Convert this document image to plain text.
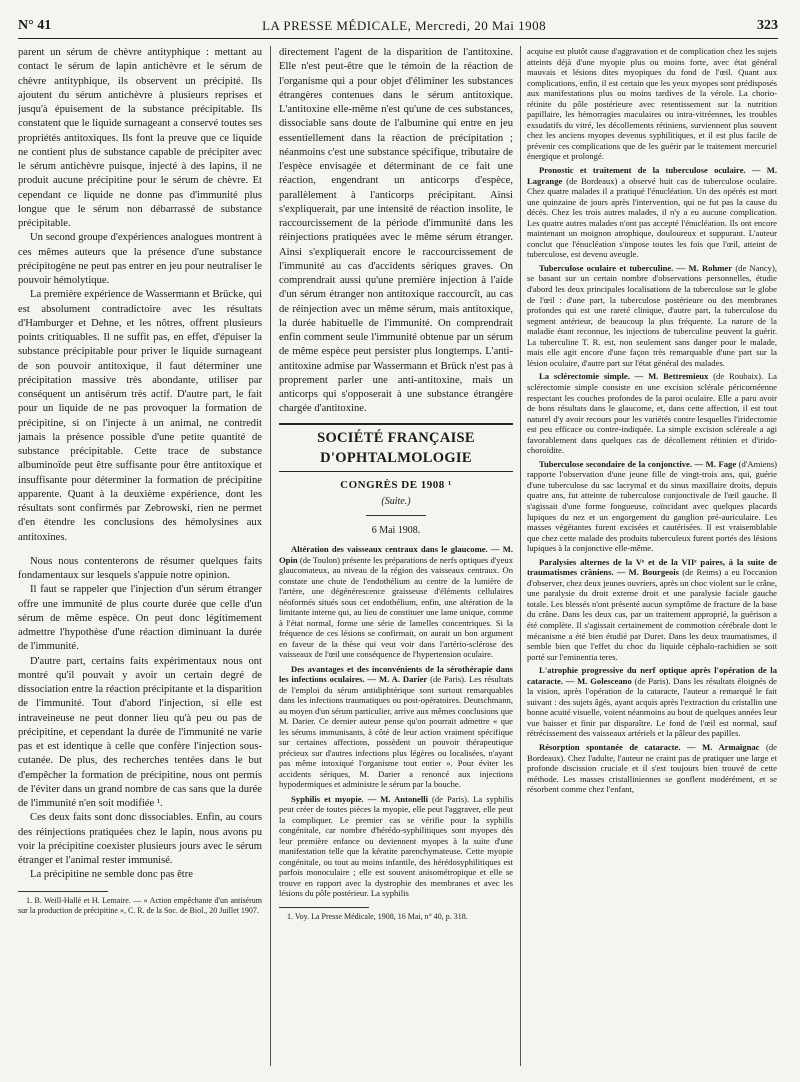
N° 41	LA PRESSE MÉDICALE, Mercredi, 20 Mai 1908	323

parent un sérum de chèvre antityphique : mettant au contact le sérum de lapin antichèvre et le sérum de chèvre antityphique, ils observent un précipité. Ils ajoutent du sérum antichèvre à plusieurs reprises et jusqu'à épuisement de la substance précipitable. Ils constatent que le liquide surnageant a conservé toutes ses propriétés antitoxiques. Ils font la preuve que ce liquide ne contient plus de substance capable de précipiter avec le sérum antichèvre puisque, injecté à des lapins, il ne produit aucune précipitine pour le sérum de chèvre. Et cependant ce liquide ne donne pas d'immunité plus longue que le sérum non débarrassé de substance précipitable.

Un second groupe d'expériences analogues montrent à ces mêmes auteurs que la présence d'une substance précipitogène ne peut pas entrer en jeu pour neutraliser le pouvoir hémolytique.

La première expérience de Wassermann et Brücke, qui est absolument contradictoire avec les résultats d'Hamburger et Dehne, et les nôtres, offrent plusieurs points critiquables. Il ne suffit pas, en effet, d'épuiser la substance précipitable pour priver le liquide surnageant de son pouvoir antitoxique, il faut déterminer une précipitation massive très abondante, utiliser par conséquent un antisérum très actif. D'autre part, le fait pour un liquide de ne pas provoquer la formation de précipitine, si on l'injecte à un animal, ne contredit jamais la présence possible d'une petite quantité de substance précipitable. Cette trace de substance albuminoïde peut être suffisante pour être antitoxique et insuffisante pour déterminer la formation de précipitine apparente. Quant à la deuxième expérience, dont les résultats sont confirmés par Zebrowski, rien ne permet d'en étendre les conclusions des hémolysines aux antitoxines.

Nous nous contenterons de résumer quelques faits fondamentaux sur lesquels s'appuie notre opinion.

Il faut se rappeler que l'injection d'un sérum étranger offre une immunité de plus courte durée que celle d'un sérum de même espèce. On peut donc légitimement admettre l'hypothèse d'une réaction diminuant la durée de l'immunité.

D'autre part, certains faits expérimentaux nous ont montré qu'il pouvait y avoir un certain degré de dissociation entre la réaction précipitante et la disparition de l'immunité. Tout d'abord l'injection, si elle est intraveineuse ne peut donner lieu qu'à peu ou pas de précipitine, et cependant la durée de l'immunité ne varie pas et est identique à celle que confère l'injection sous-cutanée. De plus, des recherches tentées dans le but d'empêcher la formation de précipitine, nous ont permis de l'éviter dans un grand nombre de cas sans que la durée de l'immunité n'en soit modifiée ¹.

Ces deux faits sont donc dissociables. Enfin, au cours des réinjections pratiquées chez le lapin, nous avons pu voir la précipitine coexister plusieurs jours avec le sérum étranger et l'animal rester immunisé.

La précipitine ne semble donc pas être

1. B. Weill-Hallé et H. Lemaire. — « Action empêchante d'un antisérum sur la production de précipitine », C. R. de la Soc. de Biol., 20 Juillet 1907.

directement l'agent de la disparition de l'antitoxine. Elle n'est peut-être que le témoin de la réaction de l'organisme qui a pour objet d'éliminer les substances étrangères contenues dans le sérum antitoxique. L'antitoxine elle-même n'est qu'une de ces substances, dissociable sans doute de l'albumine qui entre en jeu essentiellement dans la réaction de précipitation ; néanmoins c'est une substance spécifique, tributaire de l'espèce envisagée et déterminant de ce fait une réaction, engendrant un anticorps d'espèce, parallèlement à l'anticorps précipitant. Ainsi s'expliquerait, par une intensité de réaction insolite, le raccourcissement de la période d'immunité dans les réinjections pratiquées avec le même sérum étranger. Ainsi s'expliquerait encore le raccourcissement de l'immunité au cas d'accidents sériques graves. On comprendrait aussi qu'une première injection à l'aide d'un sérum étranger non antitoxique raccourcît, au cas de réinjection avec un même sérum, mais antitoxique, la durée habituelle de l'immunité. On comprendrait enfin comment seule l'immunité obtenue par un sérum de même espèce peut persister plus longtemps. L'anti-antitoxine admise par Wassermann et Brück n'est pas à proprement parler une anti-antitoxine, mais un anticorps qui s'opposerait à une substance étrangère chargée d'antitoxine.

SOCIÉTÉ FRANÇAISE D'OPHTALMOLOGIE
CONGRÈS DE 1908 ¹
(Suite.)
6 Mai 1908.

Altération des vaisseaux centraux dans le glaucome. — M. Opin (de Toulon) présente les préparations de nerfs optiques d'yeux glaucomateux, au niveau de la région des vaisseaux centraux. On constate une chute de l'endothélium au centre de la lumière de l'artère, une dégénérescence graisseuse d'éléments cellulaires néoformés situés sous cet endothélium, enfin, une altération de la limitante interne qui, au lieu de constituer une lame unique, comme à l'état normal, forme une série de lamelles concentriques. Si la fréquence de ces lésions se confirmait, on aurait un bon argument en faveur de la thèse qui veut voir dans l'artério-sclérose des vaisseaux de l'œil une conséquence de l'hypertension oculaire.

Des avantages et des inconvénients de la sérothérapie dans les infections oculaires. — M. A. Darier (de Paris). Les résultats de l'emploi du sérum antidiphtérique sont surtout remarquables dans les infections traumatiques ou post-opératoires. Deutschmann, au moyen d'un sérum particulier, arrive aux mêmes conclusions que M. Darier. Ce dernier auteur pense qu'on pourrait admettre « que les sérums immunisants, à côté de leur action vraiment spécifique sur certaines affections, possèdent un pouvoir thérapeutique précieux sur d'autres infections plus légères ou localisées, n'ayant pas même intoxiqué l'organisme tout entier ». Pour éviter les accidents sériques, M. Darier a renoncé aux injections hypodermiques et administre le sérum par la bouche.

Syphilis et myopie. — M. Antonelli (de Paris). La syphilis peut créer de toutes pièces la myopie, elle peut l'aggraver, elle peut la compliquer. Le premier cas se vérifie pour la syphilis congénitale, car nombre d'hérédo-syphilitiques sont myopes dès leur première enfance ou deviennent myopes à la suite d'une manifestation telle que la kératite parenchymateuse. Cette myopie congénitale, ou tout au moins infantile, des hérédosyphilitiques est parfois monoculaire ; elle est souvent anisométropique et elle se trouve en rapport avec la dystrophie des membranes et avec les lésions du pôle postérieur. La syphilis

1. Voy. La Presse Médicale, 1908, 16 Mai, n° 40, p. 318.

acquise est plutôt cause d'aggravation et de complication chez les sujets atteints déjà d'une myopie plus ou moins forte, avec état général mauvais et lésions dites myopiques du fond de l'œil. Quant aux complications, enfin, il est certain que les yeux myopes sont prédisposés aux manifestations plus ou moins tardives de la vérole. La chorio-rétinite du pôle postérieure avec retentissement sur la nutrition papillaire, les hémorragies maculaires ou intra-vitréennes, les troubles exsudatifs du vitré, les décollements rétiniens, surviennent plus souvent chez les anciens myopes devenus syphilitiques, et il est plus facile de prévenir ces complications que de les guérir par le traitement mercuriel énergique et prolongé.

Pronostic et traitement de la tuberculose oculaire. — M. Lagrange (de Bordeaux) a observé huit cas de tuberculose oculaire. Chez quatre malades il a pratiqué l'énucléation. Un des opérés est mort une quinzaine de jours après l'intervention, qui ne fut pas la cause du décès. Chez les trois autres malades, il n'y a eu aucune complication. Les quatre autres malades n'ont pas accepté l'énucléation. Ils ont encore maintenant un moignon atrophique, douloureux et suppurant. L'auteur conclut que l'énucléation s'impose toutes les fois que l'œil, atteint de tuberculose, est devenu aveugle.

Tuberculose oculaire et tuberculine. — M. Rohmer (de Nancy), se basant sur un certain nombre d'observations personnelles, étudie d'abord les deux principales localisations de la tuberculose sur le globe de l'œil : d'une part, la tuberculose postérieure ou des membranes profondes qui est une rareté clinique, d'autre part, la tuberculose du segment antérieur, de beaucoup la plus fréquente. La nature de la maladie étant reconnue, les injections de tuberculine peuvent la guérir. La tuberculine T. R. est, non seulement sans danger pour le malade, mais elle agit encore d'une façon très remarquable d'une part sur la lésion oculaire, d'autre part sur l'état général des malades.

La sclérectomie simple. — M. Bettremieux (de Roubaix). La sclérectomie simple consiste en une excision sclérale péricornéenne respectant les couches profondes de la paroi oculaire. Elle a paru avoir de bons résultats dans le glaucome, et, dans cette affection, il est tout naturel d'y avoir recours pour les variétés contre lesquelles l'iridectomie est peu efficace ou contre-indiquée. La simple excision scléreale a agi favorablement dans quelques cas de décollement rétinien et d'irido-choroïdite.

Tuberculose secondaire de la conjonctive. — M. Fage (d'Amiens) rapporte l'observation d'une jeune fille de vingt-trois ans, qui, guérie d'une tuberculose du sac lacrymal et du sinus maxillaire droits, depuis quatre ans, fut atteinte de tuberculose conjonctivale de l'œil gauche. Il s'agissait d'une forme fongueuse, coïncidant avec quelques placards lupiques du nez et un engorgement du ganglion pré-auriculaire. Les masses végétantes furent excisées et cautérisées. Il est vraisemblable que chez cette malade des produits tuberculeux furent portés des lésions lupiques à la conjonctive elle-même.

Paralysies alternes de la Vᵉ et de la VIIᵉ paires, à la suite de traumatismes crâniens. — M. Bourgeois (de Reims) a eu l'occasion d'observer, chez deux jeunes ouvriers, après un choc violent sur le crâne, une paralysie du droit externe droit et une paralysie faciale gauche totale. Les blessés n'ont présenté aucun symptôme de fracture de la base du crâne. Dans les deux cas, par un traitement approprié, la guérison a été complète. Il s'agissait certainement de commotion cérébrale dont le mécanisme a été bien étudié par Duret. Dans les deux traumatismes, il semble bien que l'effet du choc du liquide céphalo-rachidien se soit porté sur l'eminentia teres.

L'atrophie progressive du nerf optique après l'opération de la cataracte. — M. Golesceano (de Paris). Dans les résultats éloignés de la vision, après l'opération de la cataracte, l'auteur a remarqué le fait suivant : des sujets âgés, ayant acquis après l'extraction du cristallin une bonne acuité visuelle, voient néanmoins au bout de quelques années leur vue baisser et finir par disparaître. Le fond de l'œil est normal, sauf rétrécissement des vaisseaux artériels et la pâleur des papilles.

Résorption spontanée de cataracte. — M. Armaignac (de Bordeaux). Chez l'adulte, l'auteur ne craint pas de pratiquer une large et profonde discission cruciale et il s'est toujours bien trouvé de cette méthode. Les masses cristalliniennes se gonflent modérément, et se résorbent comme chez l'enfant,
